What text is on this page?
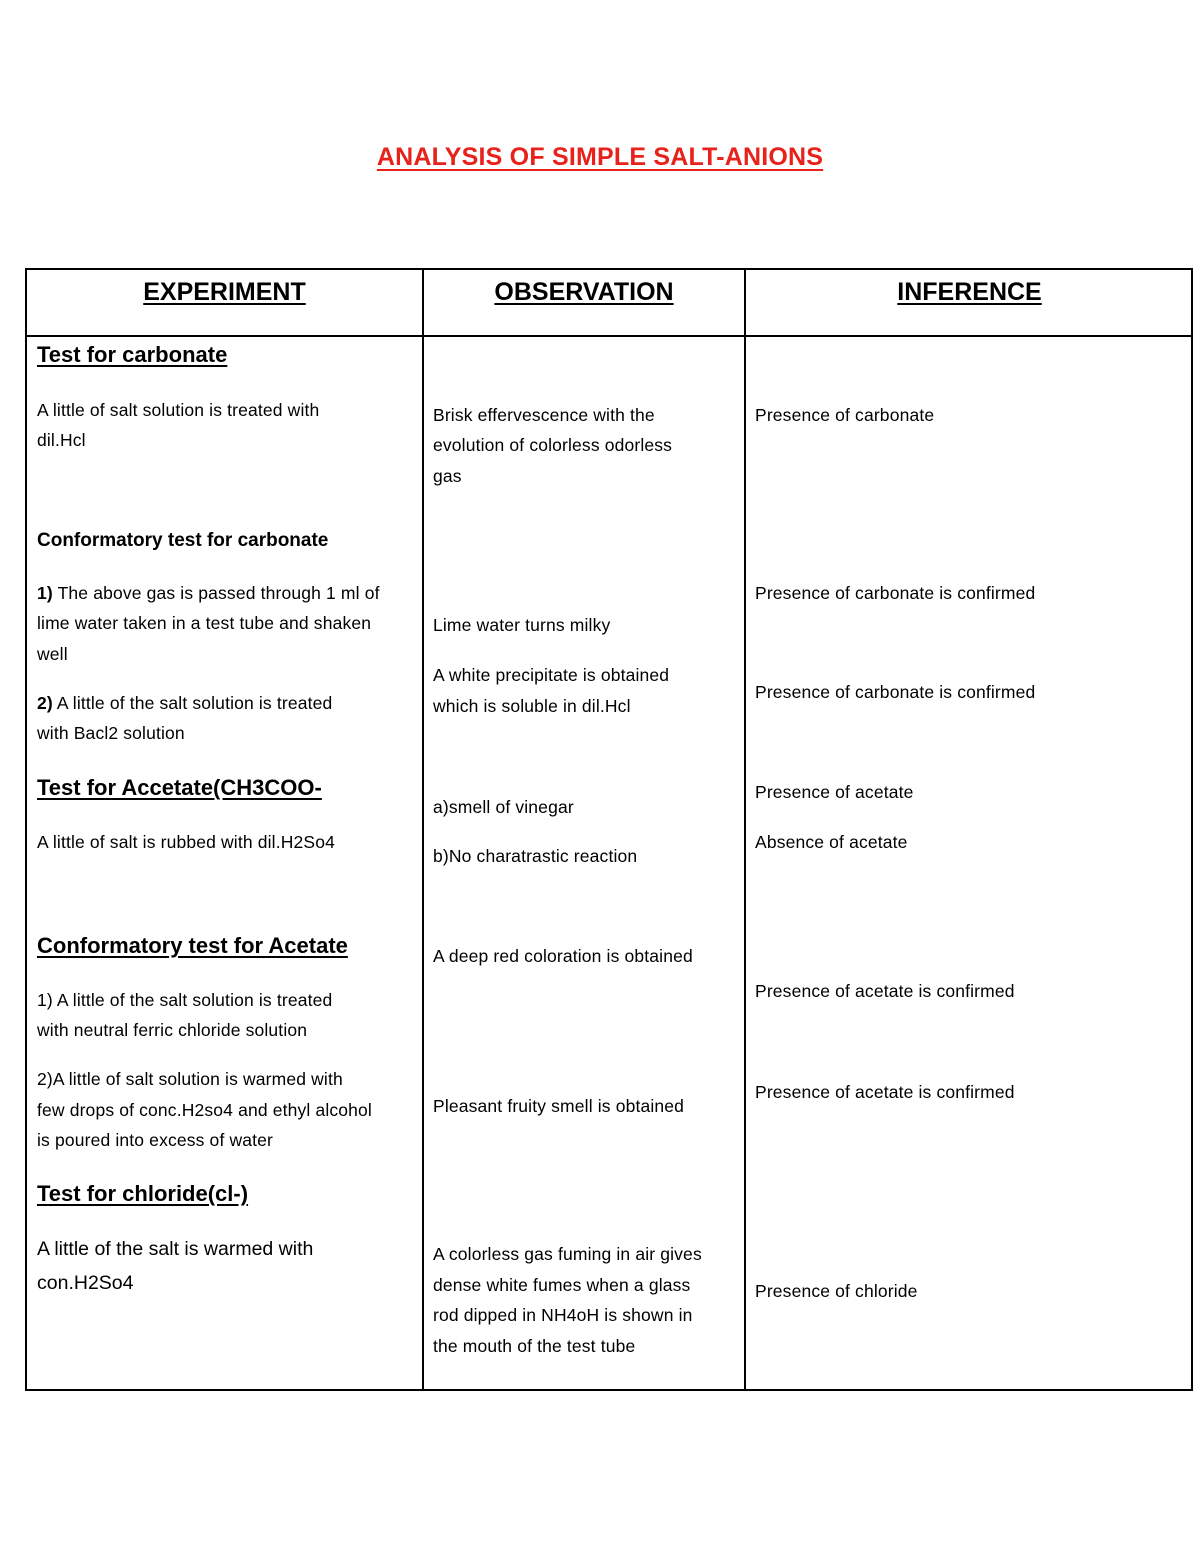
ANALYSIS OF SIMPLE SALT-ANIONS
EXPERIMENT	OBSERVATION	INFERENCE
Test for carbonate
A little of salt solution is treated with
dil.Hcl
Brisk effervescence with the
evolution of colorless odorless
gas
Presence of carbonate
Conformatory test for carbonate
1) The above gas is passed through 1 ml of
lime water taken in a test tube and shaken
well
Lime water turns milky
Presence of carbonate is confirmed
2) A little of the salt solution is treated
with Bacl2 solution
A white precipitate is obtained
which is soluble in dil.Hcl
Presence of carbonate is confirmed
Test for Accetate(CH3COO-
A little of salt is rubbed with dil.H2So4
a)smell of vinegar
b)No charatrastic reaction
Presence of acetate
Absence of acetate
Conformatory test for Acetate
1) A little of the salt solution is treated
with neutral ferric chloride solution
A deep red coloration is obtained
Presence of acetate is confirmed
2)A little of salt solution is warmed with
few drops of conc.H2so4 and ethyl alcohol
is poured into excess of water
Pleasant fruity smell is obtained
Presence of acetate is confirmed
Test for chloride(cl-)
A little of the salt is warmed with
con.H2So4
A colorless gas fuming in air gives
dense white fumes when a glass
rod dipped in NH4oH is shown in
the mouth of the test tube
Presence of chloride
